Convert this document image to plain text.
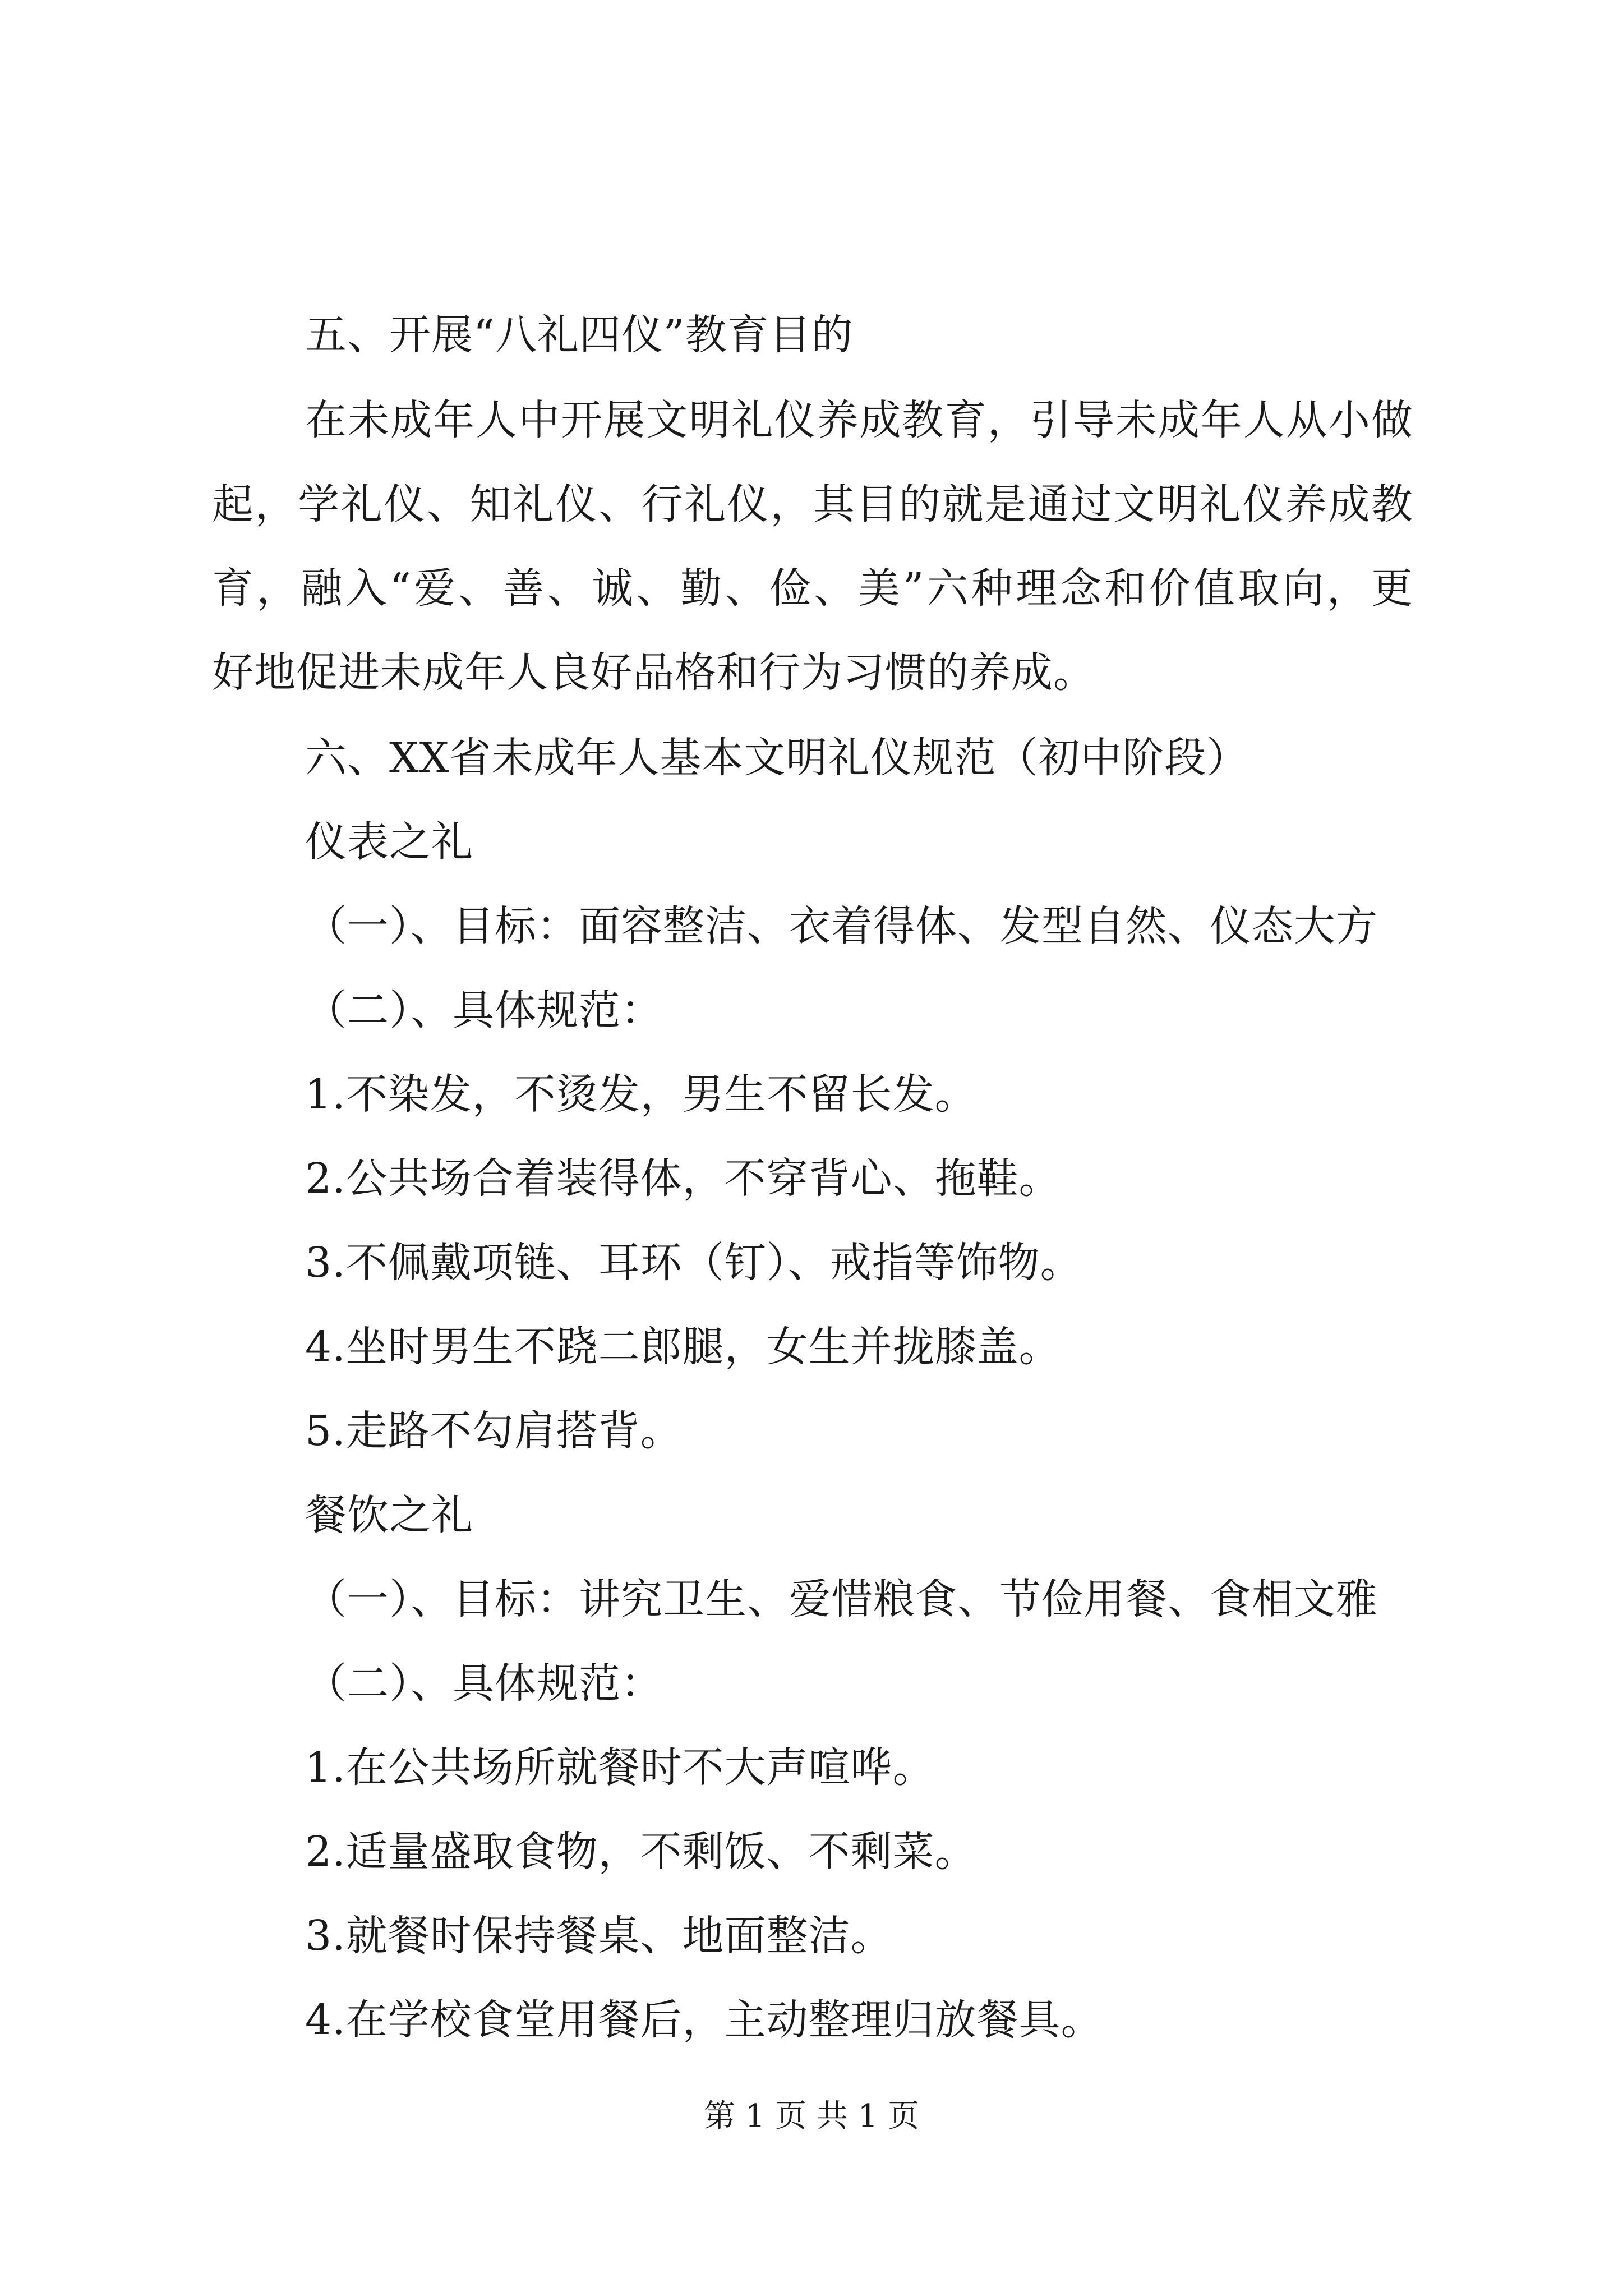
五、开展“八礼四仪”教育目的
在未成年人中开展文明礼仪养成教育，引导未成年人从小做
起，学礼仪、知礼仪、行礼仪，其目的就是通过文明礼仪养成教
育，融入“爱、善、诚、勤、俭、美”六种理念和价值取向，更
好地促进未成年人良好品格和行为习惯的养成。
六、XX省未成年人基本文明礼仪规范（初中阶段）
仪表之礼
（一）、目标：面容整洁、衣着得体、发型自然、仪态大方
（二）、具体规范：
1.不染发，不烫发，男生不留长发。
2.公共场合着装得体，不穿背心、拖鞋。
3.不佩戴项链、耳环（钉）、戒指等饰物。
4.坐时男生不跷二郎腿，女生并拢膝盖。
5.走路不勾肩搭背。
餐饮之礼
（一）、目标：讲究卫生、爱惜粮食、节俭用餐、食相文雅
（二）、具体规范：
1.在公共场所就餐时不大声喧哗。
2.适量盛取食物，不剩饭、不剩菜。
3.就餐时保持餐桌、地面整洁。
4.在学校食堂用餐后，主动整理归放餐具。
第 1 页 共 1 页
